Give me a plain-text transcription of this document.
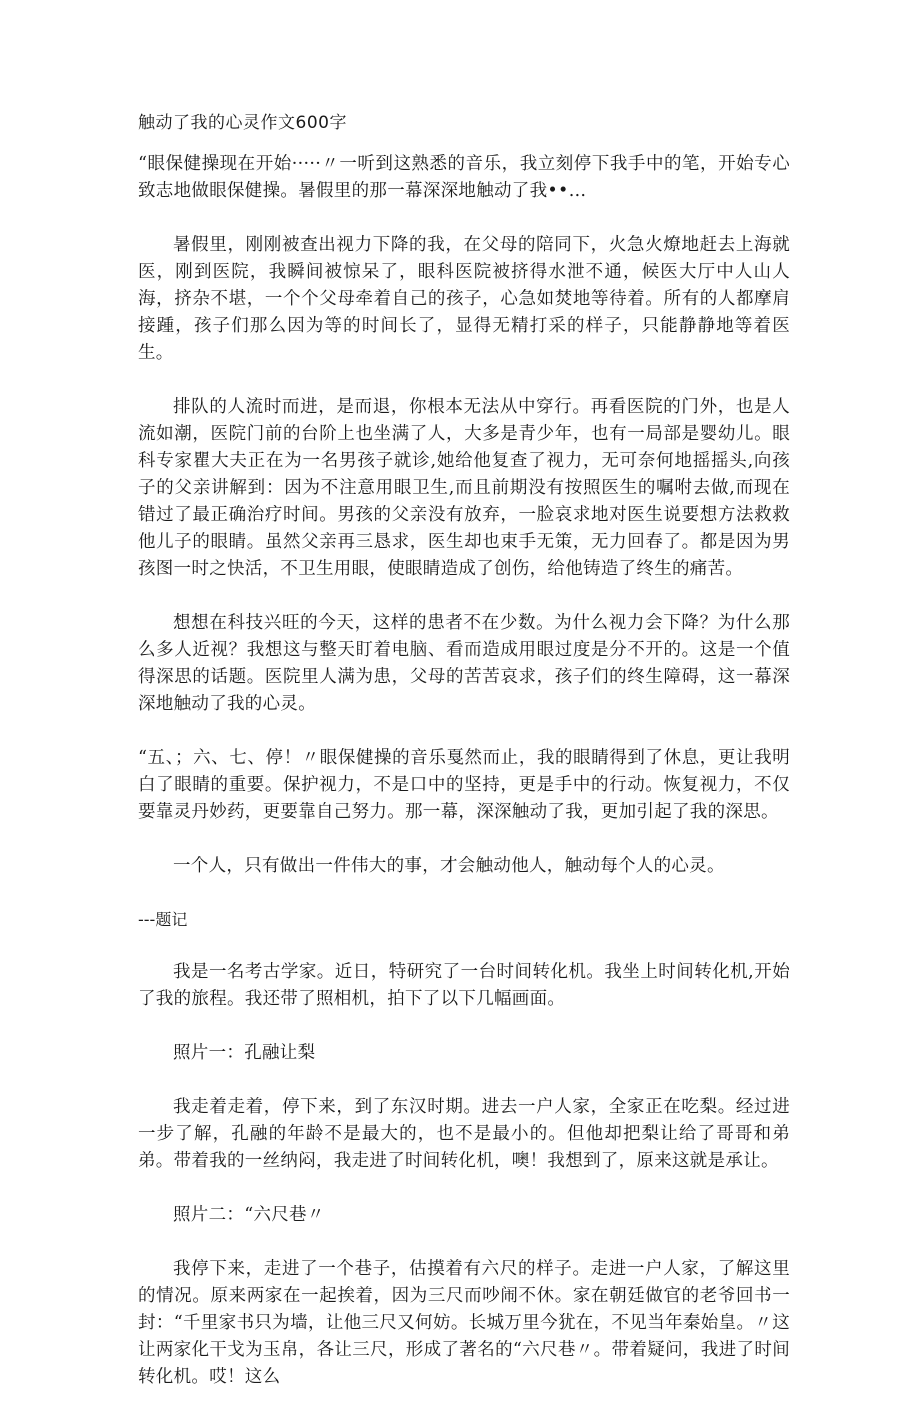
触动了我的心灵作文600字

“眼保健操现在开始·····〃一听到这熟悉的音乐，我立刻停下我手中的笔，开始专心致志地做眼保健操。暑假里的那一幕深深地触动了我••…

暑假里，刚刚被查出视力下降的我，在父母的陪同下，火急火燎地赶去上海就医，刚到医院，我瞬间被惊呆了，眼科医院被挤得水泄不通，候医大厅中人山人海，挤杂不堪，一个个父母牵着自己的孩子，心急如焚地等待着。所有的人都摩肩接踵，孩子们那么因为等的时间长了，显得无精打采的样子，只能静静地等着医生。

排队的人流时而进，是而退，你根本无法从中穿行。再看医院的门外，也是人流如潮，医院门前的台阶上也坐满了人，大多是青少年，也有一局部是婴幼儿。眼科专家瞿大夫正在为一名男孩子就诊,她给他复查了视力，无可奈何地摇摇头,向孩子的父亲讲解到：因为不注意用眼卫生,而且前期没有按照医生的嘱咐去做,而现在错过了最正确治疗时间。男孩的父亲没有放弃，一脸哀求地对医生说要想方法救救他儿子的眼睛。虽然父亲再三恳求，医生却也束手无策，无力回春了。都是因为男孩图一时之快活，不卫生用眼，使眼睛造成了创伤，给他铸造了终生的痛苦。

想想在科技兴旺的今天，这样的患者不在少数。为什么视力会下降？为什么那么多人近视？我想这与整天盯着电脑、看而造成用眼过度是分不开的。这是一个值得深思的话题。医院里人满为患，父母的苦苦哀求，孩子们的终生障碍，这一幕深深地触动了我的心灵。

“五、；六、七、停！〃眼保健操的音乐戛然而止，我的眼睛得到了休息，更让我明白了眼睛的重要。保护视力，不是口中的坚持，更是手中的行动。恢复视力，不仅要靠灵丹妙药，更要靠自己努力。那一幕，深深触动了我，更加引起了我的深思。

一个人，只有做出一件伟大的事，才会触动他人，触动每个人的心灵。

---题记

我是一名考古学家。近日，特研究了一台时间转化机。我坐上时间转化机,开始了我的旅程。我还带了照相机，拍下了以下几幅画面。

照片一：孔融让梨

我走着走着，停下来，到了东汉时期。进去一户人家，全家正在吃梨。经过进一步了解，孔融的年龄不是最大的，也不是最小的。但他却把梨让给了哥哥和弟弟。带着我的一丝纳闷，我走进了时间转化机，噢！我想到了，原来这就是承让。

照片二：“六尺巷〃

我停下来，走进了一个巷子，估摸着有六尺的样子。走进一户人家，了解这里的情况。原来两家在一起挨着，因为三尺而吵闹不休。家在朝廷做官的老爷回书一封：“千里家书只为墙，让他三尺又何妨。长城万里今犹在，不见当年秦始皇。〃这让两家化干戈为玉帛，各让三尺，形成了著名的“六尺巷〃。带着疑问，我进了时间转化机。哎！这么
